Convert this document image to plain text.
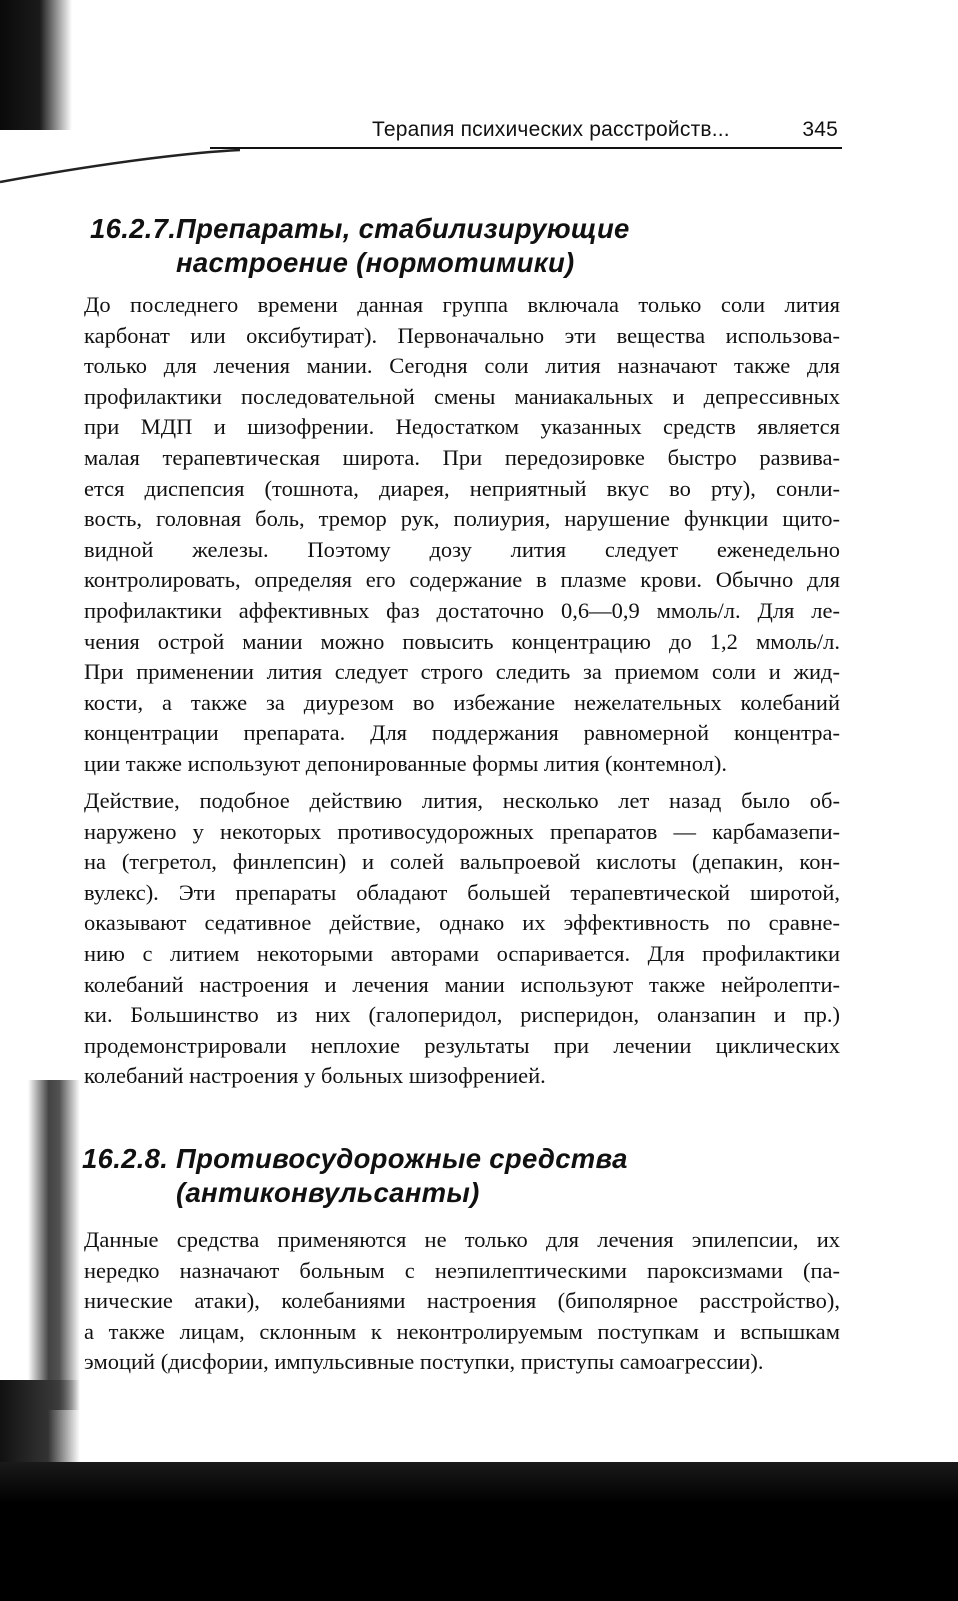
Терапия психических расстройств...	345
16.2.7. Препараты, стабилизирующие
настроение (нормотимики)
До последнего времени данная группа включала только соли лития
карбонат или оксибутират). Первоначально эти вещества использова-
только для лечения мании. Сегодня соли лития назначают также для
профилактики последовательной смены маниакальных и депрессивных
при МДП и шизофрении. Недостатком указанных средств является
малая терапевтическая широта. При передозировке быстро развива-
ется диспепсия (тошнота, диарея, неприятный вкус во рту), сонли-
вость, головная боль, тремор рук, полиурия, нарушение функции щито-
видной железы. Поэтому дозу лития следует еженедельно
контролировать, определяя его содержание в плазме крови. Обычно для
профилактики аффективных фаз достаточно 0,6—0,9 ммоль/л. Для ле-
чения острой мании можно повысить концентрацию до 1,2 ммоль/л.
При применении лития следует строго следить за приемом соли и жид-
кости, а также за диурезом во избежание нежелательных колебаний
концентрации препарата. Для поддержания равномерной концентра-
ции также используют депонированные формы лития (контемнол).
Действие, подобное действию лития, несколько лет назад было об-
наружено у некоторых противосудорожных препаратов — карбамазепи-
на (тегретол, финлепсин) и солей вальпроевой кислоты (депакин, кон-
вулекс). Эти препараты обладают большей терапевтической широтой,
оказывают седативное действие, однако их эффективность по сравне-
нию с литием некоторыми авторами оспаривается. Для профилактики
колебаний настроения и лечения мании используют также нейролепти-
ки. Большинство из них (галоперидол, рисперидон, оланзапин и пр.)
продемонстрировали неплохие результаты при лечении циклических
колебаний настроения у больных шизофренией.
16.2.8. Противосудорожные средства
(антиконвульсанты)
Данные средства применяются не только для лечения эпилепсии, их
нередко назначают больным с неэпилептическими пароксизмами (па-
нические атаки), колебаниями настроения (биполярное расстройство),
а также лицам, склонным к неконтролируемым поступкам и вспышкам
эмоций (дисфории, импульсивные поступки, приступы самоагрессии).
